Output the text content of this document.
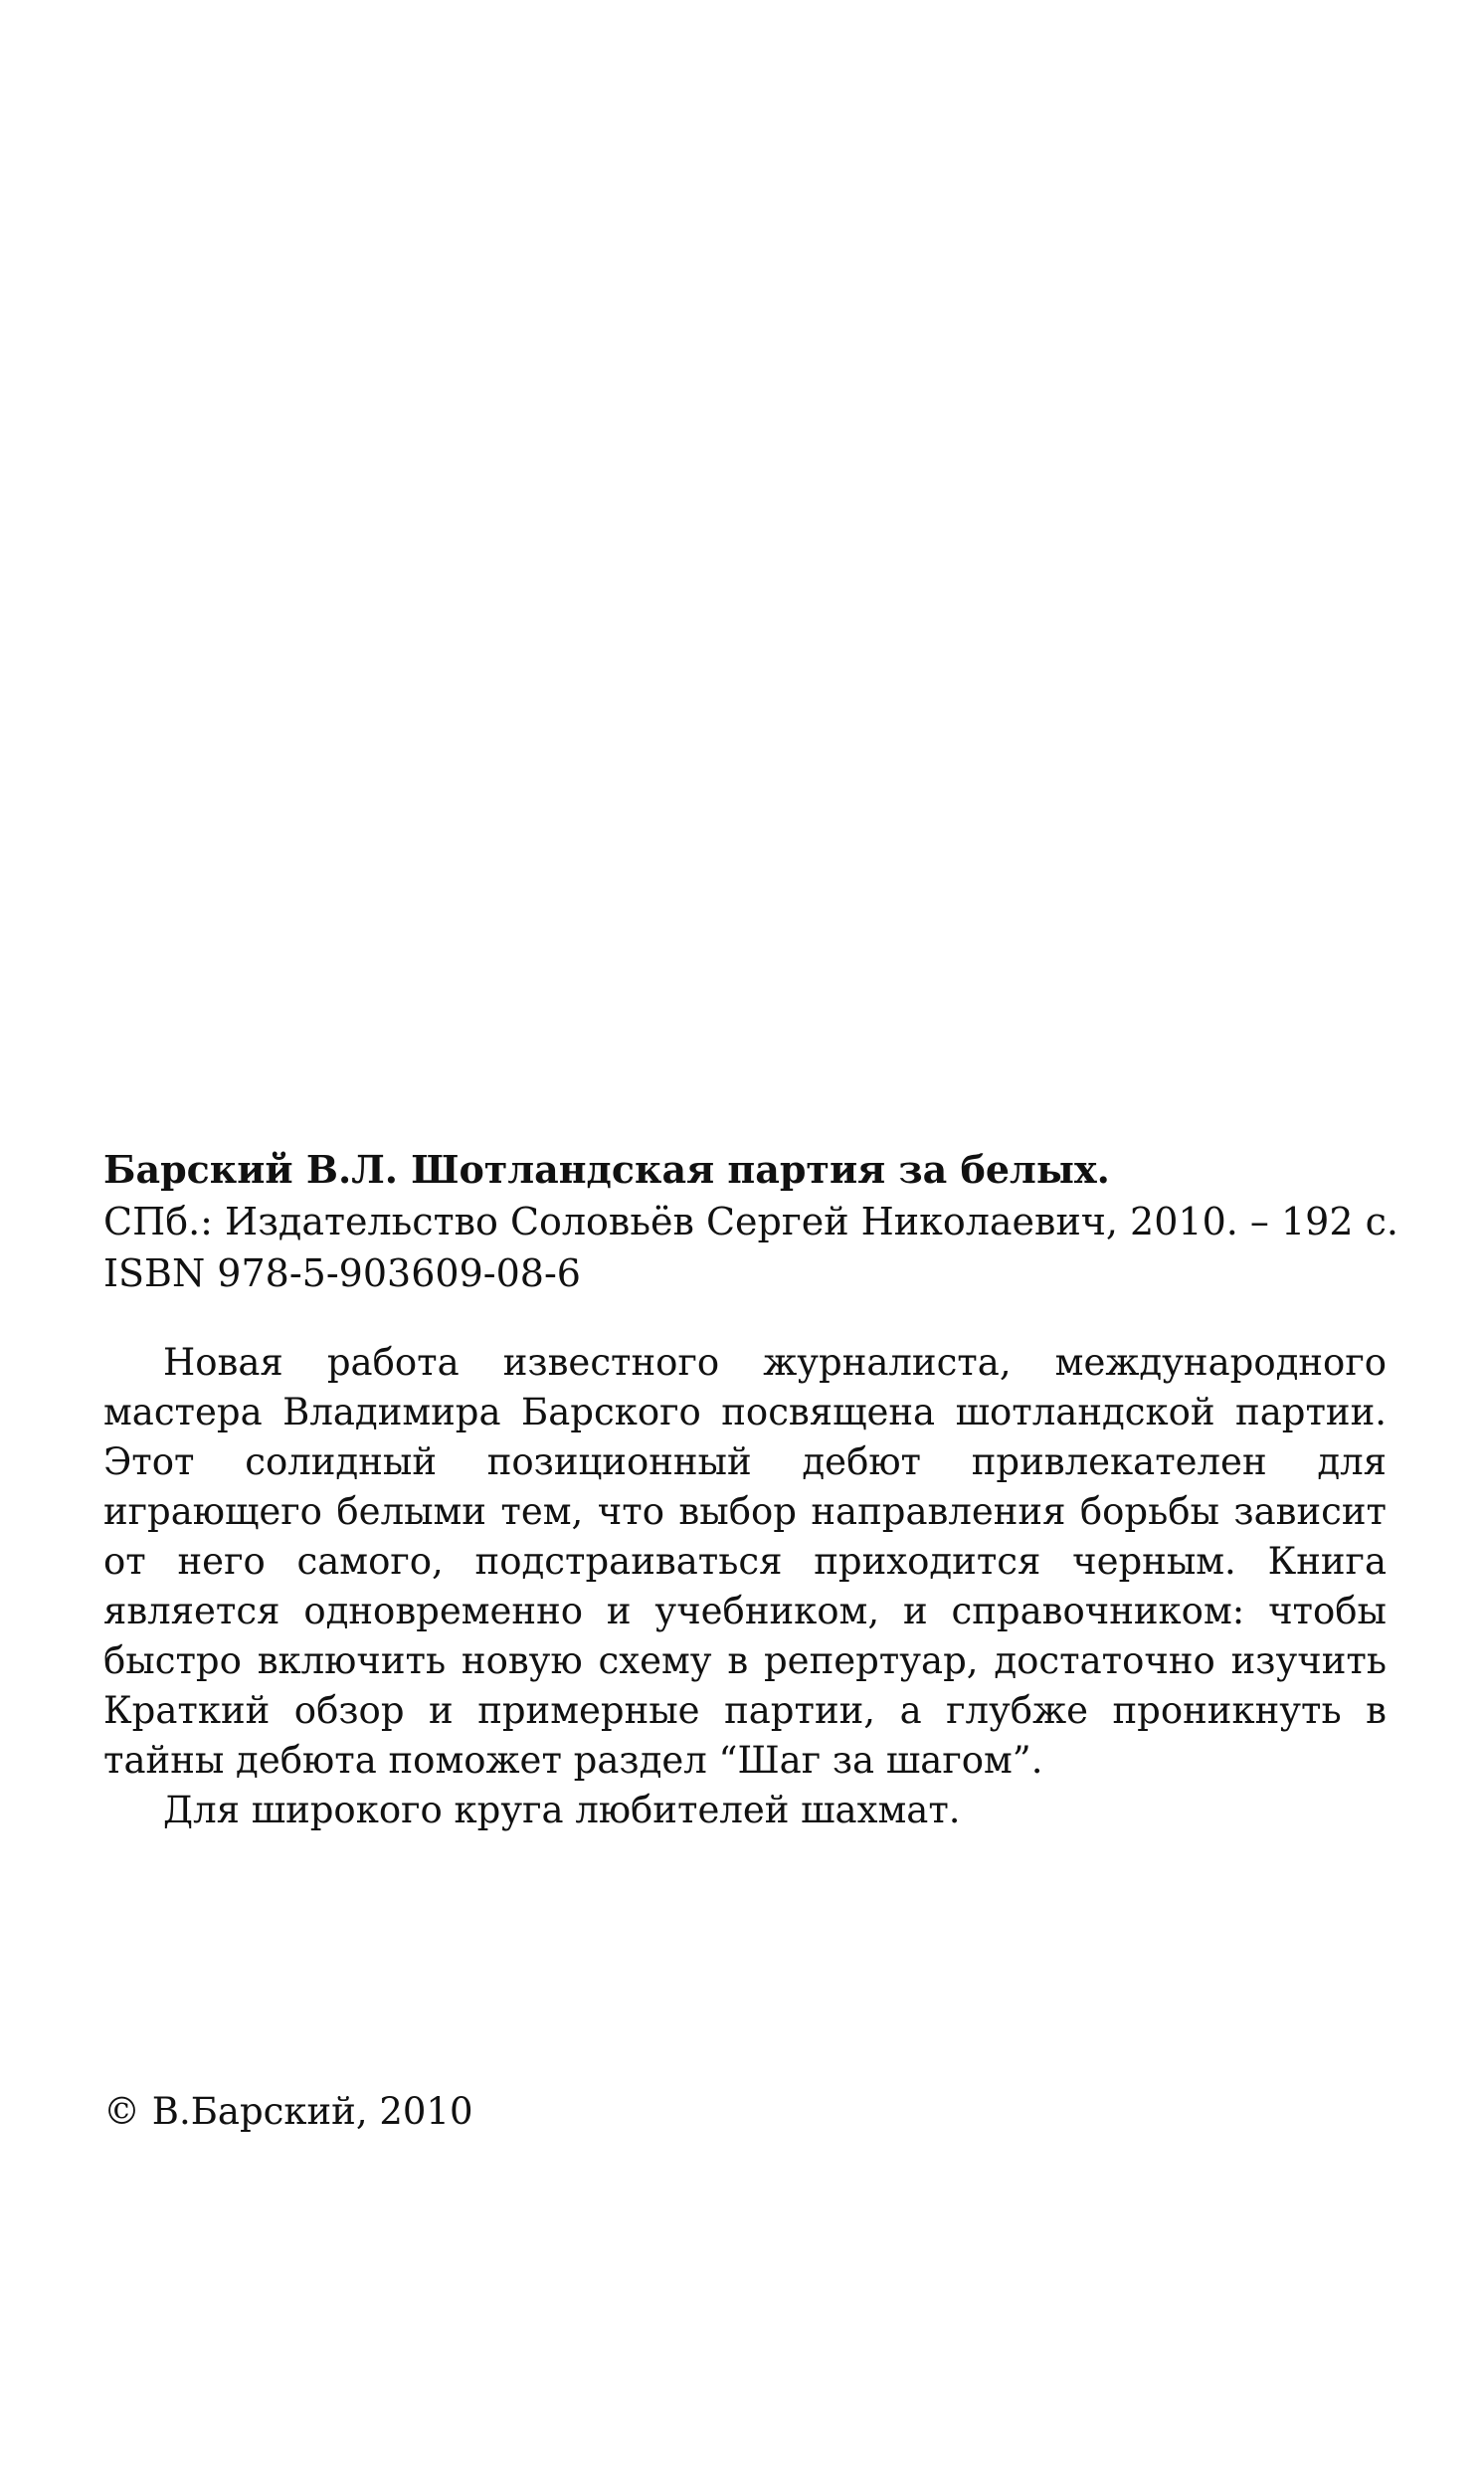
Барский В.Л. Шотландская партия за белых.
СПб.: Издательство Соловьёв Сергей Николаевич, 2010. – 192 с.
ISBN 978-5-903609-08-6

Новая работа известного журналиста, международного мастера Владимира Барского посвящена шотландской партии. Этот солидный позиционный дебют привлекателен для играющего белыми тем, что выбор направления борьбы зависит от него самого, подстраиваться приходится черным. Книга является одновременно и учебником, и справочником: чтобы быстро включить новую схему в репертуар, достаточно изучить Краткий обзор и примерные партии, а глубже проникнуть в тайны дебюта поможет раздел “Шаг за шагом”.

Для широкого круга любителей шахмат.

© В.Барский, 2010
